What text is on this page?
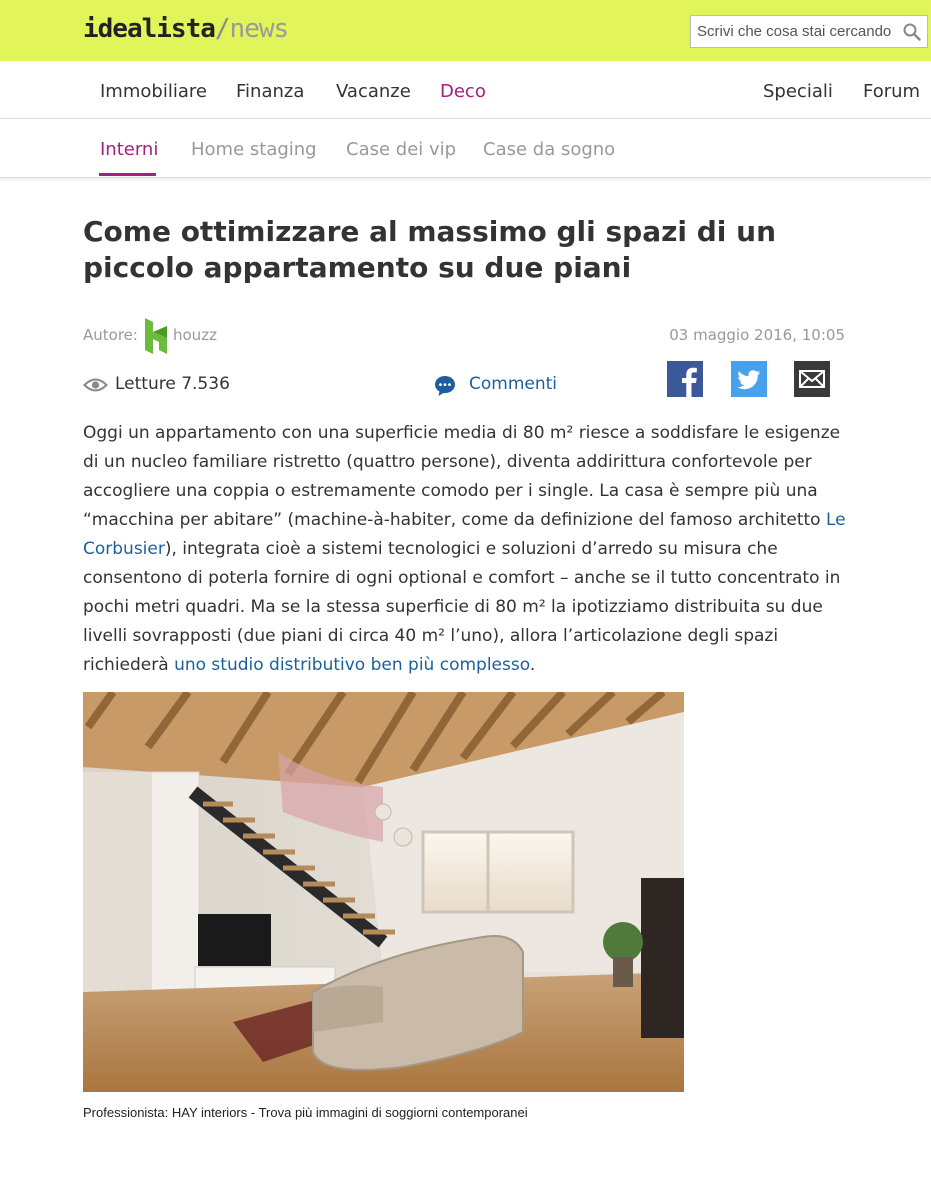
idealista/news
Scrivi che cosa stai cercando
Immobiliare Finanza Vacanze Deco	Speciali Forum
Interni Home staging Case dei vip Case da sogno
Come ottimizzare al massimo gli spazi di un piccolo appartamento su due piani
Autore: houzz	03 maggio 2016, 10:05
Letture 7.536	Commenti

Oggi un appartamento con una superficie media di 80 m² riesce a soddisfare le esigenze di un nucleo familiare ristretto (quattro persone), diventa addirittura confortevole per accogliere una coppia o estremamente comodo per i single. La casa è sempre più una “macchina per abitare” (machine-à-habiter, come da definizione del famoso architetto Le Corbusier), integrata cioè a sistemi tecnologici e soluzioni d’arredo su misura che consentono di poterla fornire di ogni optional e comfort – anche se il tutto concentrato in pochi metri quadri. Ma se la stessa superficie di 80 m² la ipotizziamo distribuita su due livelli sovrapposti (due piani di circa 40 m² l’uno), allora l’articolazione degli spazi richiederà uno studio distributivo ben più complesso.

Professionista: HAY interiors - Trova più immagini di soggiorni contemporanei
